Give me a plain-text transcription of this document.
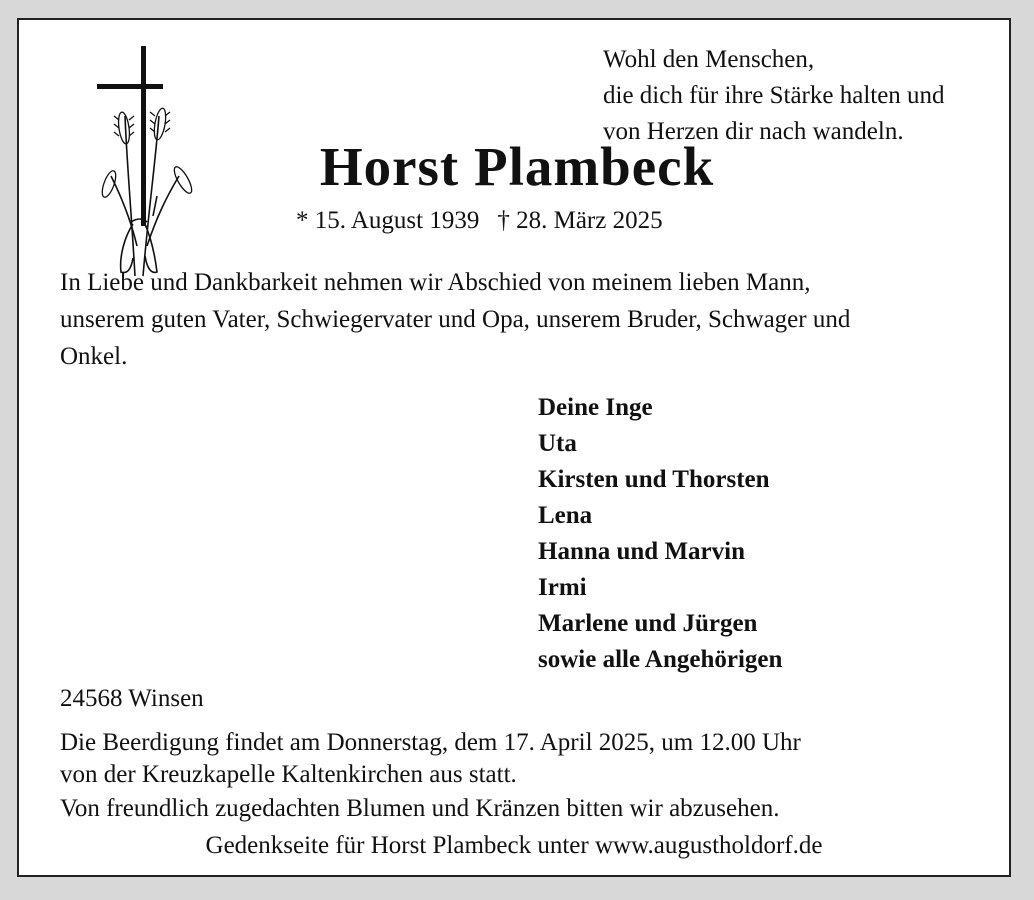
Wohl den Menschen,
die dich für ihre Stärke halten und
von Herzen dir nach wandeln.
Horst Plambeck
* 15. August 1939 † 28. März 2025
In Liebe und Dankbarkeit nehmen wir Abschied von meinem lieben Mann,
unserem guten Vater, Schwiegervater und Opa, unserem Bruder, Schwager und
Onkel.
Deine Inge
Uta
Kirsten und Thorsten
Lena
Hanna und Marvin
Irmi
Marlene und Jürgen
sowie alle Angehörigen
24568 Winsen
Die Beerdigung findet am Donnerstag, dem 17. April 2025, um 12.00 Uhr
von der Kreuzkapelle Kaltenkirchen aus statt.
Von freundlich zugedachten Blumen und Kränzen bitten wir abzusehen.
Gedenkseite für Horst Plambeck unter www.augustholdorf.de
